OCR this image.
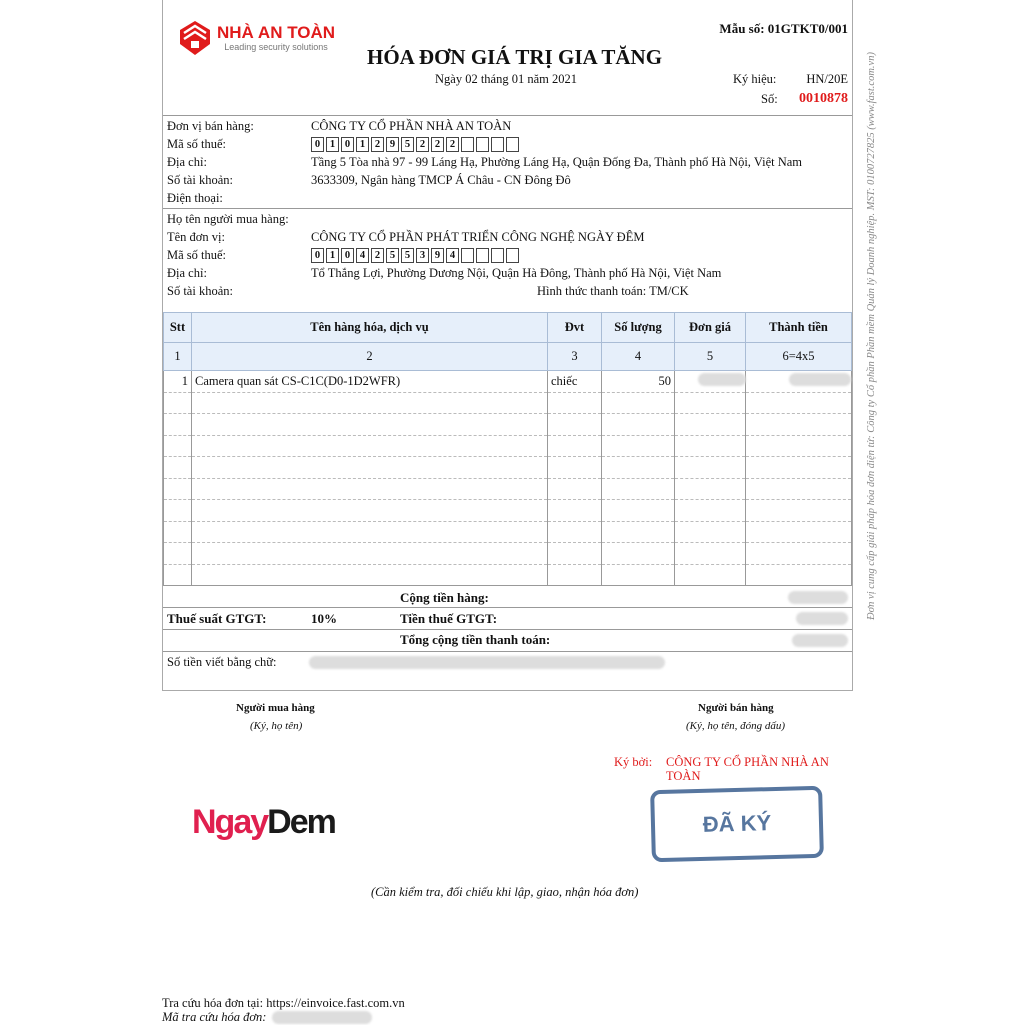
NHÀ AN TOÀN
Leading security solutions
Mẫu số: 01GTKT0/001
HÓA ĐƠN GIÁ TRỊ GIA TĂNG
Ngày 02 tháng 01 năm 2021	Ký hiệu: HN/20E
Số: 0010878
Đơn vị bán hàng:	CÔNG TY CỔ PHẦN NHÀ AN TOÀN
Mã số thuế:	0 1 0 1 2 9 5 2 2 2
Địa chỉ:	Tầng 5 Tòa nhà 97 - 99 Láng Hạ, Phường Láng Hạ, Quận Đống Đa, Thành phố Hà Nội, Việt Nam
Số tài khoản:	3633309, Ngân hàng TMCP Á Châu - CN Đông Đô
Điện thoại:
Họ tên người mua hàng:
Tên đơn vị:	CÔNG TY CỔ PHẦN PHÁT TRIỂN CÔNG NGHỆ NGÀY ĐÊM
Mã số thuế:	0 1 0 4 2 5 5 3 9 4
Địa chỉ:	Tổ Thắng Lợi, Phường Dương Nội, Quận Hà Đông, Thành phố Hà Nội, Việt Nam
Số tài khoản:	Hình thức thanh toán: TM/CK
Stt	Tên hàng hóa, dịch vụ	Đvt	Số lượng	Đơn giá	Thành tiền
1	2	3	4	5	6=4x5
1	Camera quan sát CS-C1C(D0-1D2WFR)	chiếc	50		

Cộng tiền hàng:
Thuế suất GTGT:	10%	Tiền thuế GTGT:
Tổng cộng tiền thanh toán:
Số tiền viết bằng chữ:
Đơn vị cung cấp giải pháp hóa đơn điện tử: Công ty Cổ phần Phần mềm Quản lý Doanh nghiệp. MST: 0100727825 (www.fast.com.vn)
Người mua hàng
(Ký, họ tên)
Người bán hàng
(Ký, họ tên, đóng dấu)
Ký bởi: CÔNG TY CỔ PHẦN NHÀ AN TOÀN
NgayDem	ĐÃ KÝ
(Cần kiểm tra, đối chiếu khi lập, giao, nhận hóa đơn)
Tra cứu hóa đơn tại: https://einvoice.fast.com.vn
Mã tra cứu hóa đơn:
